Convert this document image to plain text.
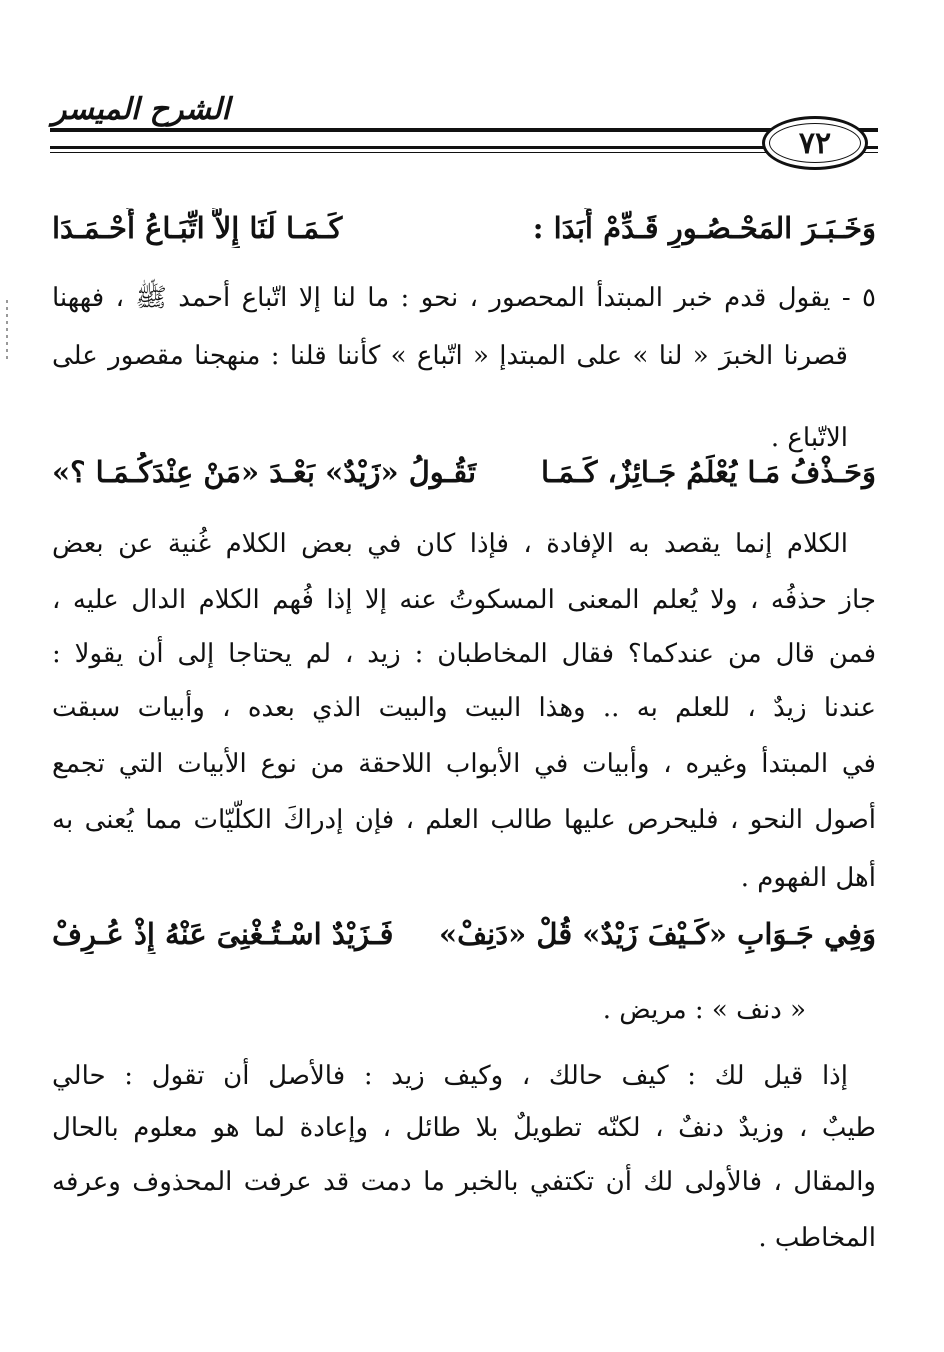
الشرح الميسر
٧٢
وَخَـبَـرَ المَحْـصُـورِ قَـدِّمْ أَبَدَا :
كَـمَـا لَنَا إِلاَّ اتِّبَـاعُ أَحْـمَـدَا
٥ - يقول قدم خبر المبتدأ المحصور ، نحو : ما لنا إلا اتّباع أحمد ﷺ ، فههنا
قصرنا الخبرَ « لنا » على المبتدإ « اتّباع » كأننا قلنا : منهجنا مقصور على
الاتّباع .
وَحَـذْفُ مَـا يُعْلَمُ جَـائِزٌ، كَـمَـا
تَقُـولُ «زَيْدٌ» بَعْـدَ «مَنْ عِنْدَكُـمَـا ؟»
الكلام إنما يقصد به الإفادة ، فإذا كان في بعض الكلام غُنية عن بعض
جاز حذفُه ، ولا يُعلم المعنى المسكوتُ عنه إلا إذا فُهم الكلام الدال عليه ،
فمن قال من عندكما؟ فقال المخاطبان : زيد ، لم يحتاجا إلى أن يقولا :
عندنا زيدٌ ، للعلم به .. وهذا البيت والبيت الذي بعده ، وأبيات سبقت
في المبتدأ وغيره ، وأبيات في الأبواب اللاحقة من نوع الأبيات التي تجمع
أصول النحو ، فليحرص عليها طالب العلم ، فإن إدراكَ الكلّيّات مما يُعنى به
أهل الفهوم .
وَفِي جَـوَابِ «كَـيْفَ زَيْدٌ» قُلْ «دَنِفْ»
فَـزَيْدٌ اسْـتُـغْنِىَ عَنْهُ إِذْ عُـرِفْ
« دنف » : مريض .
إذا قيل لك : كيف حالك ، وكيف زيد : فالأصل أن تقول : حالي
طيبٌ ، وزيدٌ دنفٌ ، لكنّه تطويلٌ بلا طائل ، وإعادة لما هو معلوم بالحال
والمقال ، فالأولى لك أن تكتفي بالخبر ما دمت قد عرفت المحذوف وعرفه
المخاطب .
